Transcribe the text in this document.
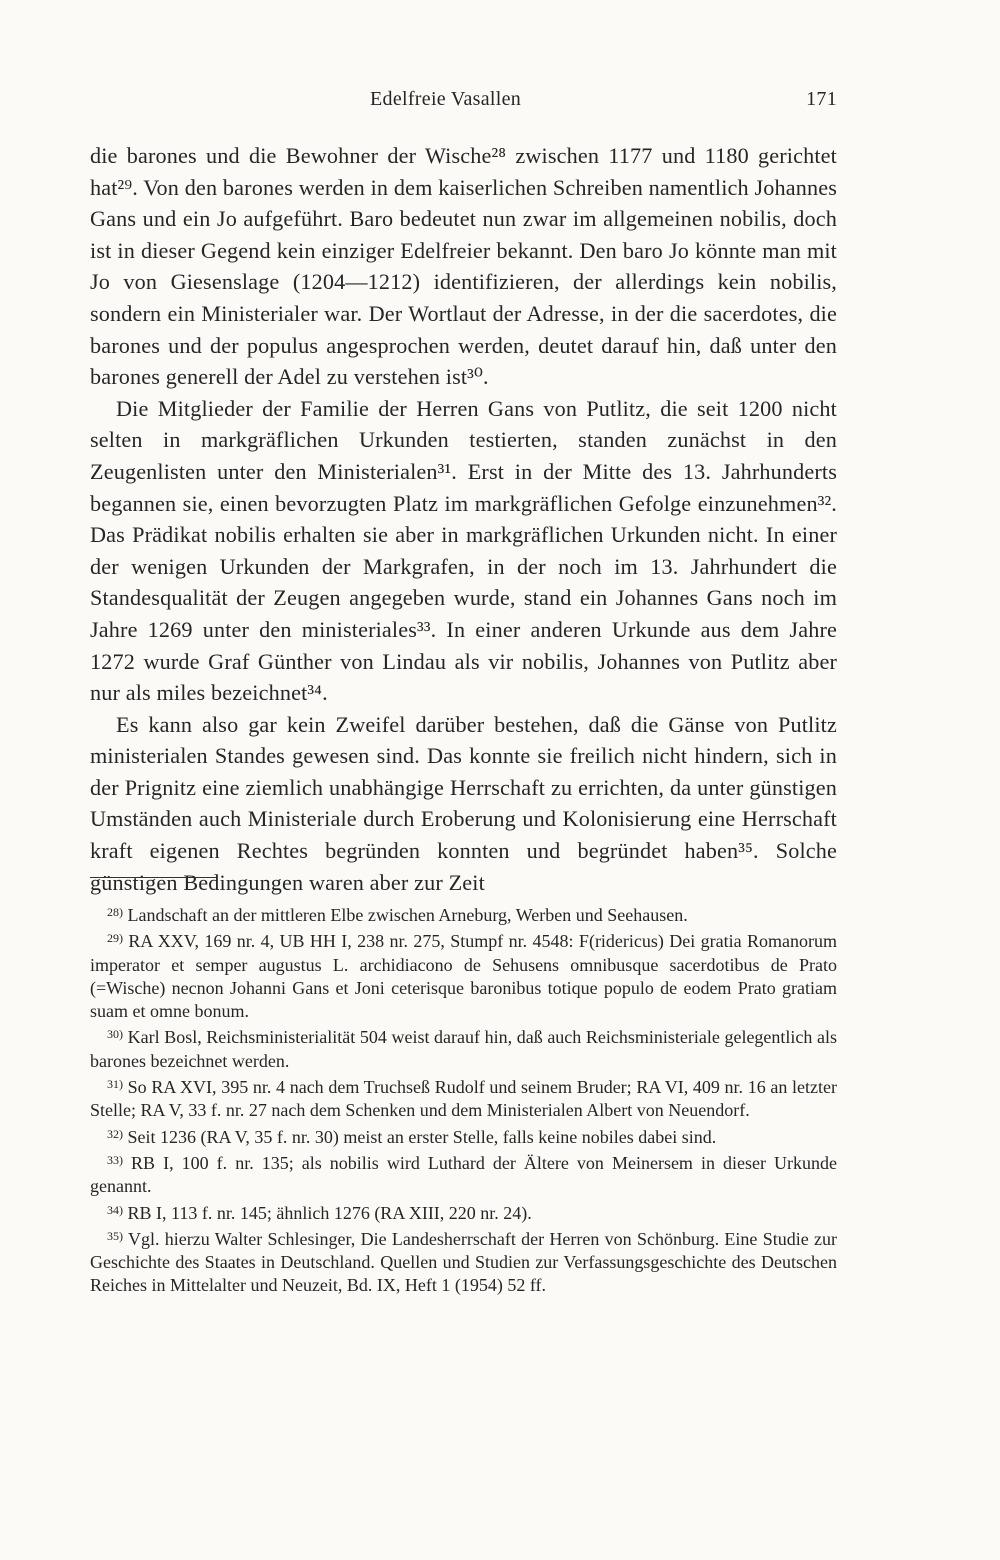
Edelfreie Vasallen	171

die barones und die Bewohner der Wische²⁸ zwischen 1177 und 1180 gerichtet hat²⁹. Von den barones werden in dem kaiserlichen Schreiben namentlich Johannes Gans und ein Jo aufgeführt. Baro bedeutet nun zwar im allgemeinen nobilis, doch ist in dieser Gegend kein einziger Edelfreier bekannt. Den baro Jo könnte man mit Jo von Giesenslage (1204—1212) identifizieren, der allerdings kein nobilis, sondern ein Ministerialer war. Der Wortlaut der Adresse, in der die sacerdotes, die barones und der populus angesprochen werden, deutet darauf hin, daß unter den barones generell der Adel zu verstehen ist³⁰.

Die Mitglieder der Familie der Herren Gans von Putlitz, die seit 1200 nicht selten in markgräflichen Urkunden testierten, standen zunächst in den Zeugenlisten unter den Ministerialen³¹. Erst in der Mitte des 13. Jahrhunderts begannen sie, einen bevorzugten Platz im markgräflichen Gefolge einzunehmen³². Das Prädikat nobilis erhalten sie aber in markgräflichen Urkunden nicht. In einer der wenigen Urkunden der Markgrafen, in der noch im 13. Jahrhundert die Standesqualität der Zeugen angegeben wurde, stand ein Johannes Gans noch im Jahre 1269 unter den ministeriales³³. In einer anderen Urkunde aus dem Jahre 1272 wurde Graf Günther von Lindau als vir nobilis, Johannes von Putlitz aber nur als miles bezeichnet³⁴.

Es kann also gar kein Zweifel darüber bestehen, daß die Gänse von Putlitz ministerialen Standes gewesen sind. Das konnte sie freilich nicht hindern, sich in der Prignitz eine ziemlich unabhängige Herrschaft zu errichten, da unter günstigen Umständen auch Ministeriale durch Eroberung und Kolonisierung eine Herrschaft kraft eigenen Rechtes begründen konnten und begründet haben³⁵. Solche günstigen Bedingungen waren aber zur Zeit

$^{28)}$ Landschaft an der mittleren Elbe zwischen Arneburg, Werben und Seehausen.

$^{29)}$ RA XXV, 169 nr. 4, UB HH I, 238 nr. 275, Stumpf nr. 4548: F(ridericus) Dei gratia Romanorum imperator et semper augustus L. archidiacono de Sehusens omnibusque sacerdotibus de Prato (=Wische) necnon Johanni Gans et Joni ceterisque baronibus totique populo de eodem Prato gratiam suam et omne bonum.

$^{30)}$ Karl Bosl, Reichsministerialität 504 weist darauf hin, daß auch Reichsministeriale gelegentlich als barones bezeichnet werden.

$^{31)}$ So RA XVI, 395 nr. 4 nach dem Truchseß Rudolf und seinem Bruder; RA VI, 409 nr. 16 an letzter Stelle; RA V, 33 f. nr. 27 nach dem Schenken und dem Ministerialen Albert von Neuendorf.

$^{32)}$ Seit 1236 (RA V, 35 f. nr. 30) meist an erster Stelle, falls keine nobiles dabei sind.

$^{33)}$ RB I, 100 f. nr. 135; als nobilis wird Luthard der Ältere von Meinersem in dieser Urkunde genannt.

$^{34)}$ RB I, 113 f. nr. 145; ähnlich 1276 (RA XIII, 220 nr. 24).

$^{35)}$ Vgl. hierzu Walter Schlesinger, Die Landesherrschaft der Herren von Schönburg. Eine Studie zur Geschichte des Staates in Deutschland. Quellen und Studien zur Verfassungsgeschichte des Deutschen Reiches in Mittelalter und Neuzeit, Bd. IX, Heft 1 (1954) 52 ff.
